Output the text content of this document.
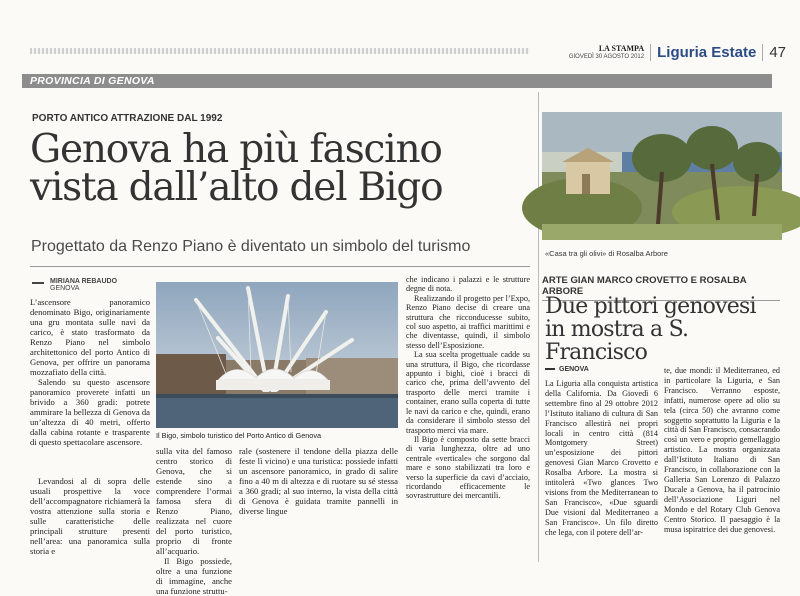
LA STAMPA
GIOVEDÌ 30 AGOSTO 2012 Liguria Estate 47
PROVINCIA DI GENOVA
PORTO ANTICO ATTRAZIONE DAL 1992
Genova ha più fascino
vista dall’alto del Bigo
Progettato da Renzo Piano è diventato un simbolo del turismo
MIRIANA REBAUDO
GENOVA

L’ascensore panoramico denominato Bigo, originariamente una gru montata sulle navi da carico, è stato trasformato da Renzo Piano nel simbolo architettonico del porto Antico di Genova, per offrire un panorama mozzafiato della città.

Salendo su questo ascensore panoramico proverete infatti un brivido a 360 gradi: potrete ammirare la bellezza di Genova da un’altezza di 40 metri, offerto dalla cabina rotante e trasparente di questo spettacolare ascensore.

Levandosi al di sopra delle usuali prospettive la voce dell’accompagnatore richiamerà la vostra attenzione sulla storia e sulle caratteristiche delle principali strutture presenti nell’area: una panoramica sulla storia e

Il Bigo, simbolo turistico del Porto Antico di Genova

sulla vita del famoso centro storico di Genova, che si estende sino a comprendere l’ormai famosa sfera di Renzo Piano, realizzata nel cuore del porto turistico, proprio di fronte all’acquario.

Il Bigo possiede, oltre a una funzione di immagine, anche una funzione struttu-

rale (sostenere il tendone della piazza delle feste lì vicino) e una turistica: possiede infatti un ascensore panoramico, in grado di salire fino a 40 m di altezza e di ruotare su sé stessa a 360 gradi; al suo interno, la vista della città di Genova è guidata tramite pannelli in diverse lingue

che indicano i palazzi e le strutture degne di nota.

Realizzando il progetto per l’Expo, Renzo Piano decise di creare una struttura che ricconducesse subito, col suo aspetto, ai traffici marittimi e che diventasse, quindi, il simbolo stesso dell’Esposizione.

La sua scelta progettuale cadde su una struttura, il Bigo, che ricordasse appunto i bighi, cioè i bracci di carico che, prima dell’avvento del trasporto delle merci tramite i container, erano sulla coperta di tutte le navi da carico e che, quindi, erano da considerare il simbolo stesso del trasporto merci via mare.

Il Bigo è composto da sette bracci di varia lunghezza, oltre ad uno centrale «verticale» che sorgono dal mare e sono stabilizzati tra loro e verso la superficie da cavi d’acciaio, ricordando efficacemente le sovrastrutture dei mercantili.

«Casa tra gli olivi» di Rosalba Arbore
ARTE GIAN MARCO CROVETTO E ROSALBA ARBORE
Due pittori genovesi
in mostra a S. Francisco
GENOVA

La Liguria alla conquista artistica della California. Da Giovedì 6 settembre fino al 29 ottobre 2012 l’Istituto italiano di cultura di San Francisco allestirà nei propri locali in centro città (814 Montgomery Street) un’esposizione dei pittori genovesi Gian Marco Crovetto e Rosalba Arbore. La mostra si intitolerà «Two glances Two visions from the Mediterranean to San Francisco», «Due sguardi Due visioni dal Mediterraneo a San Francisco». Un filo diretto che lega, con il potere dell’ar-

te, due mondi: il Mediterraneo, ed in particolare la Liguria, e San Francisco. Verranno esposte, infatti, numerose opere ad olio su tela (circa 50) che avranno come soggetto soprattutto la Liguria e la città di San Francisco, consacrando così un vero e proprio gemellaggio artistico. La mostra organizzata dall’Istituto Italiano di San Francisco, in collaborazione con la Galleria San Lorenzo di Palazzo Ducale a Genova, ha il patrocinio dell’Associazione Liguri nel Mondo e del Rotary Club Genova Centro Storico. Il paesaggio è la musa ispiratrice dei due genovesi.
